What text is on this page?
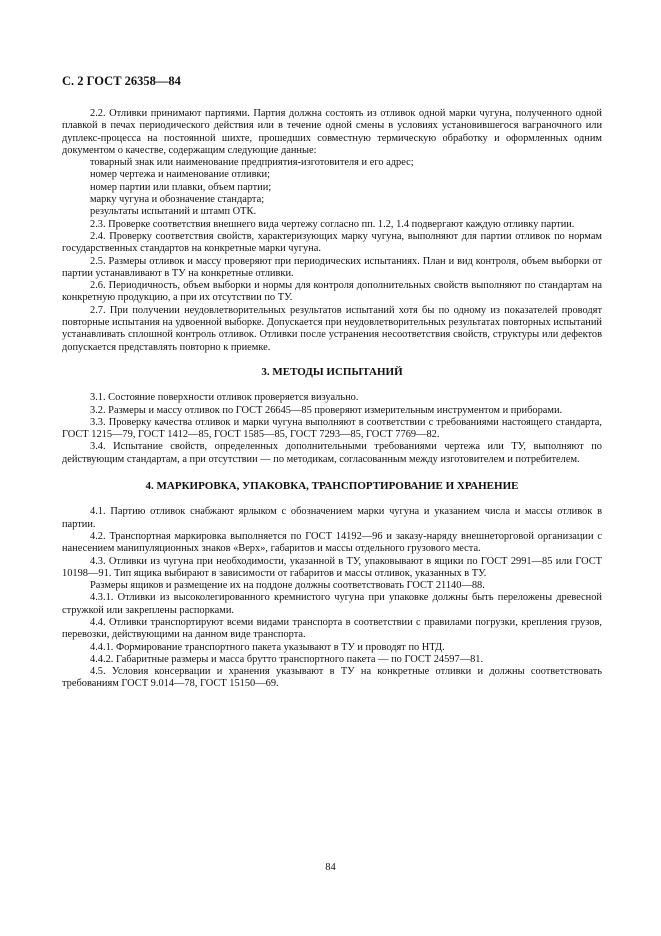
С. 2 ГОСТ 26358—84

2.2. Отливки принимают партиями. Партия должна состоять из отливок одной марки чугуна, полученного одной плавкой в печах периодического действия или в течение одной смены в условиях установившегося ваграночного или дуплекс-процесса на постоянной шихте, прошедших совместную термическую обработку и оформленных одним документом о качестве, содержащим следующие данные:

товарный знак или наименование предприятия-изготовителя и его адрес;

номер чертежа и наименование отливки;

номер партии или плавки, объем партии;

марку чугуна и обозначение стандарта;

результаты испытаний и штамп ОТК.

2.3. Проверке соответствия внешнего вида чертежу согласно пп. 1.2, 1.4 подвергают каждую отливку партии.

2.4. Проверку соответствия свойств, характеризующих марку чугуна, выполняют для партии отливок по нормам государственных стандартов на конкретные марки чугуна.

2.5. Размеры отливок и массу проверяют при периодических испытаниях. План и вид контроля, объем выборки от партии устанавливают в ТУ на конкретные отливки.

2.6. Периодичность, объем выборки и нормы для контроля дополнительных свойств выполняют по стандартам на конкретную продукцию, а при их отсутствии по ТУ.

2.7. При получении неудовлетворительных результатов испытаний хотя бы по одному из показателей проводят повторные испытания на удвоенной выборке. Допускается при неудовлетворительных результатах повторных испытаний устанавливать сплошной контроль отливок. Отливки после устранения несоответствия свойств, структуры или дефектов допускается представлять повторно к приемке.

3. МЕТОДЫ ИСПЫТАНИЙ

3.1. Состояние поверхности отливок проверяется визуально.

3.2. Размеры и массу отливок по ГОСТ 26645—85 проверяют измерительным инструментом и приборами.

3.3. Проверку качества отливок и марки чугуна выполняют в соответствии с требованиями настоящего стандарта, ГОСТ 1215—79, ГОСТ 1412—85, ГОСТ 1585—85, ГОСТ 7293—85, ГОСТ 7769—82.

3.4. Испытание свойств, определенных дополнительными требованиями чертежа или ТУ, выполняют по действующим стандартам, а при отсутствии — по методикам, согласованным между изготовителем и потребителем.

4. МАРКИРОВКА, УПАКОВКА, ТРАНСПОРТИРОВАНИЕ И ХРАНЕНИЕ

4.1. Партию отливок снабжают ярлыком с обозначением марки чугуна и указанием числа и массы отливок в партии.

4.2. Транспортная маркировка выполняется по ГОСТ 14192—96 и заказу-наряду внешнеторговой организации с нанесением манипуляционных знаков «Верх», габаритов и массы отдельного грузового места.

4.3. Отливки из чугуна при необходимости, указанной в ТУ, упаковывают в ящики по ГОСТ 2991—85 или ГОСТ 10198—91. Тип ящика выбирают в зависимости от габаритов и массы отливок, указанных в ТУ.

Размеры ящиков и размещение их на поддоне должны соответствовать ГОСТ 21140—88.

4.3.1. Отливки из высоколегированного кремнистого чугуна при упаковке должны быть переложены древесной стружкой или закреплены распорками.

4.4. Отливки транспортируют всеми видами транспорта в соответствии с правилами погрузки, крепления грузов, перевозки, действующими на данном виде транспорта.

4.4.1. Формирование транспортного пакета указывают в ТУ и проводят по НТД.

4.4.2. Габаритные размеры и масса брутто транспортного пакета — по ГОСТ 24597—81.

4.5. Условия консервации и хранения указывают в ТУ на конкретные отливки и должны соответствовать требованиям ГОСТ 9.014—78, ГОСТ 15150—69.

84
